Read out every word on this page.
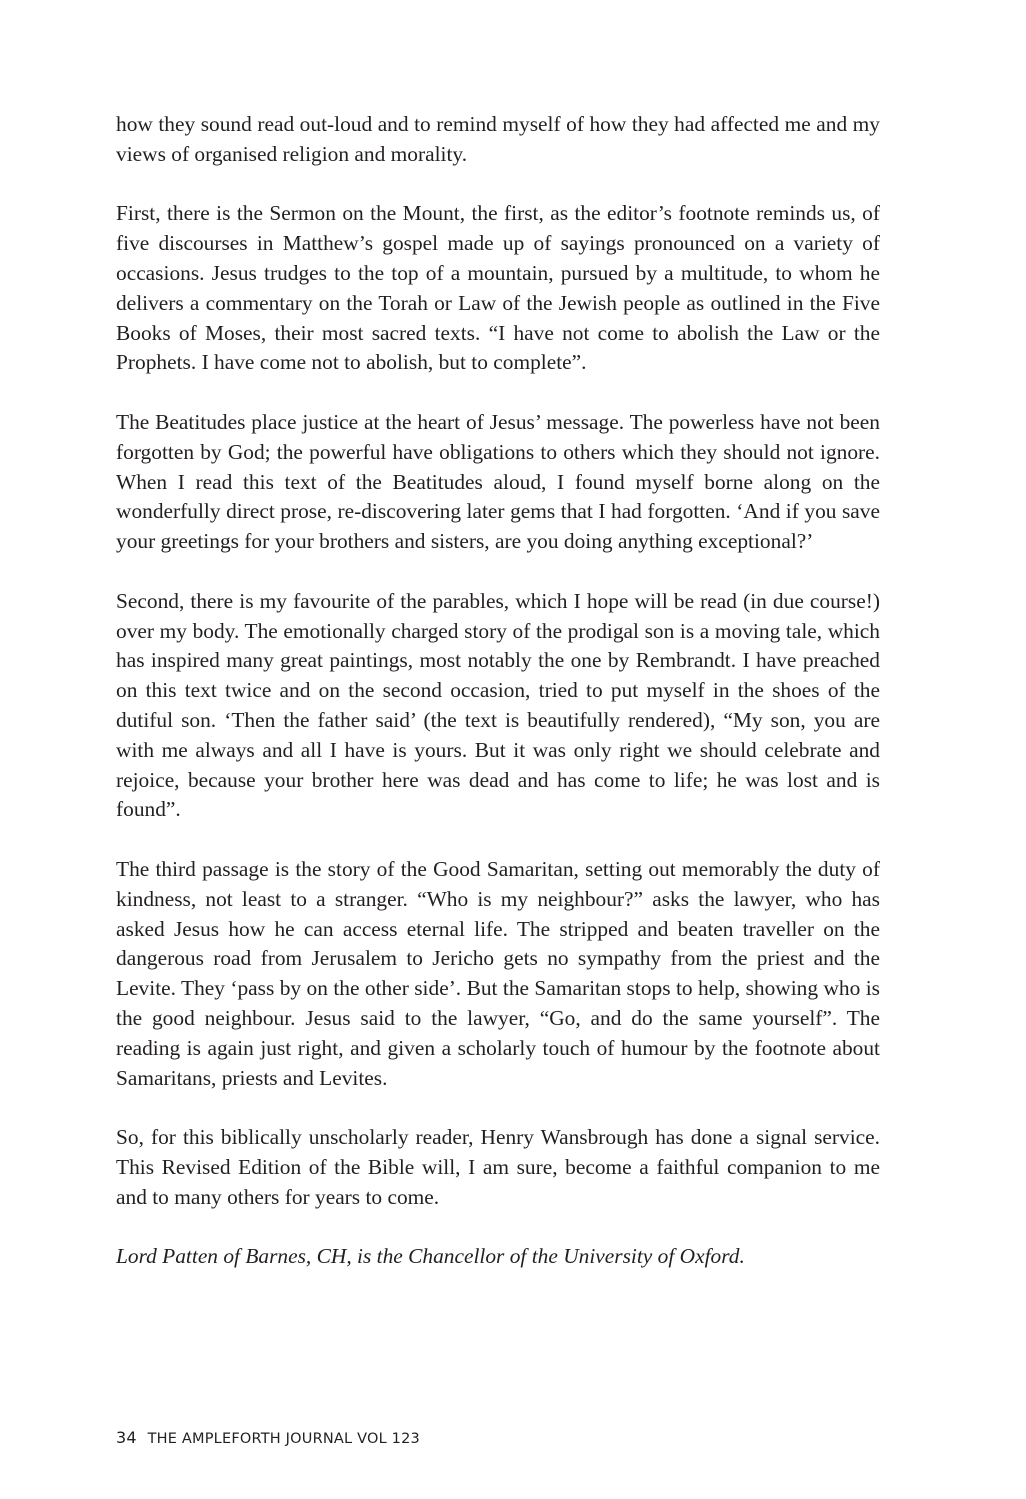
how they sound read out-loud and to remind myself of how they had affected me and my views of organised religion and morality.

First, there is the Sermon on the Mount, the first, as the editor’s footnote reminds us, of five discourses in Matthew’s gospel made up of sayings pronounced on a variety of occasions. Jesus trudges to the top of a mountain, pursued by a multitude, to whom he delivers a commentary on the Torah or Law of the Jewish people as outlined in the Five Books of Moses, their most sacred texts. “I have not come to abolish the Law or the Prophets. I have come not to abolish, but to complete”.

The Beatitudes place justice at the heart of Jesus’ message. The powerless have not been forgotten by God; the powerful have obligations to others which they should not ignore. When I read this text of the Beatitudes aloud, I found myself borne along on the wonderfully direct prose, re-discovering later gems that I had forgotten. ‘And if you save your greetings for your brothers and sisters, are you doing anything exceptional?’

Second, there is my favourite of the parables, which I hope will be read (in due course!) over my body. The emotionally charged story of the prodigal son is a moving tale, which has inspired many great paintings, most notably the one by Rembrandt. I have preached on this text twice and on the second occasion, tried to put myself in the shoes of the dutiful son. ‘Then the father said’ (the text is beautifully rendered), “My son, you are with me always and all I have is yours. But it was only right we should celebrate and rejoice, because your brother here was dead and has come to life; he was lost and is found”.

The third passage is the story of the Good Samaritan, setting out memorably the duty of kindness, not least to a stranger. “Who is my neighbour?” asks the lawyer, who has asked Jesus how he can access eternal life. The stripped and beaten traveller on the dangerous road from Jerusalem to Jericho gets no sympathy from the priest and the Levite. They ‘pass by on the other side’. But the Samaritan stops to help, showing who is the good neighbour. Jesus said to the lawyer, “Go, and do the same yourself”. The reading is again just right, and given a scholarly touch of humour by the footnote about Samaritans, priests and Levites.

So, for this biblically unscholarly reader, Henry Wansbrough has done a signal service. This Revised Edition of the Bible will, I am sure, become a faithful companion to me and to many others for years to come.

Lord Patten of Barnes, CH, is the Chancellor of the University of Oxford.

34 THE AMPLEFORTH JOURNAL VOL 123
